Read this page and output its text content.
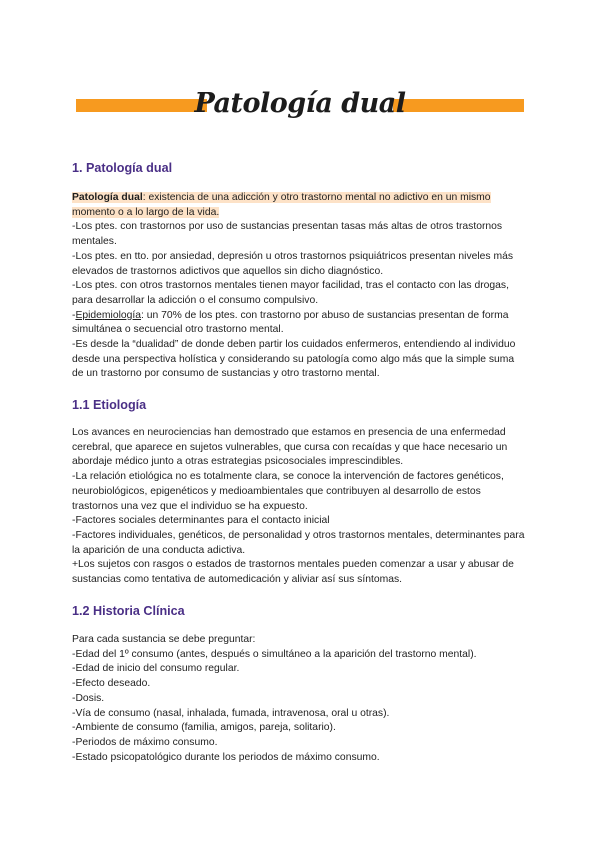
Patología dual
1. Patología dual

Patología dual: existencia de una adicción y otro trastorno mental no adictivo en un mismo
momento o a lo largo de la vida.

-Los ptes. con trastornos por uso de sustancias presentan tasas más altas de otros trastornos mentales.

-Los ptes. en tto. por ansiedad, depresión u otros trastornos psiquiátricos presentan niveles más elevados de trastornos adictivos que aquellos sin dicho diagnóstico.

-Los ptes. con otros trastornos mentales tienen mayor facilidad, tras el contacto con las drogas, para desarrollar la adicción o el consumo compulsivo.

-Epidemiología: un 70% de los ptes. con trastorno por abuso de sustancias presentan de forma simultánea o secuencial otro trastorno mental.

-Es desde la “dualidad” de donde deben partir los cuidados enfermeros, entendiendo al individuo desde una perspectiva holística y considerando su patología como algo más que la simple suma de un trastorno por consumo de sustancias y otro trastorno mental.

1.1 Etiología

Los avances en neurociencias han demostrado que estamos en presencia de una enfermedad cerebral, que aparece en sujetos vulnerables, que cursa con recaídas y que hace necesario un abordaje médico junto a otras estrategias psicosociales imprescindibles.

-La relación etiológica no es totalmente clara, se conoce la intervención de factores genéticos, neurobiológicos, epigenéticos y medioambientales que contribuyen al desarrollo de estos trastornos una vez que el individuo se ha expuesto.

-Factores sociales determinantes para el contacto inicial

-Factores individuales, genéticos, de personalidad y otros trastornos mentales, determinantes para la aparición de una conducta adictiva.

+Los sujetos con rasgos o estados de trastornos mentales pueden comenzar a usar y abusar de sustancias como tentativa de automedicación y aliviar así sus síntomas.

1.2 Historia Clínica

Para cada sustancia se debe preguntar:

-Edad del 1º consumo (antes, después o simultáneo a la aparición del trastorno mental).

-Edad de inicio del consumo regular.

-Efecto deseado.

-Dosis.

-Vía de consumo (nasal, inhalada, fumada, intravenosa, oral u otras).

-Ambiente de consumo (familia, amigos, pareja, solitario).

-Periodos de máximo consumo.

-Estado psicopatológico durante los periodos de máximo consumo.
